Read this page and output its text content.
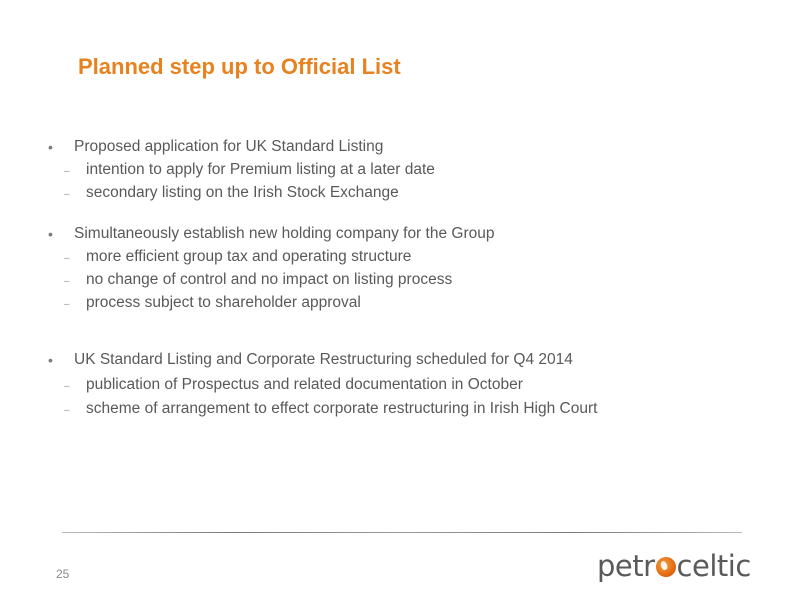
Planned step up to Official List
• Proposed application for UK Standard Listing
– intention to apply for Premium listing at a later date
– secondary listing on the Irish Stock Exchange
• Simultaneously establish new holding company for the Group
– more efficient group tax and operating structure
– no change of control and no impact on listing process
– process subject to shareholder approval
• UK Standard Listing and Corporate Restructuring scheduled for Q4 2014
– publication of Prospectus and related documentation in October
– scheme of arrangement to effect corporate restructuring in Irish High Court
25	petr celtic
